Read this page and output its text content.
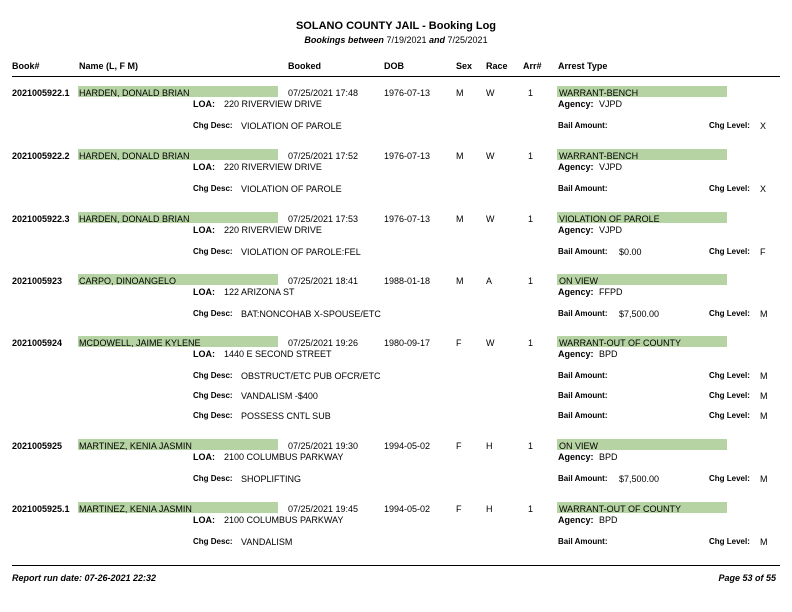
SOLANO COUNTY JAIL - Booking Log
Bookings between 7/19/2021 and 7/25/2021
Book#	Name (L, F M)	Booked	DOB	Sex Race Arr# Arrest Type
2021005922.1 HARDEN, DONALD BRIAN	07/25/2021 17:48	1976-07-13	M	W	1	WARRANT-BENCH
LOA: 220 RIVERVIEW DRIVE	Agency: VJPD
Chg Desc: VIOLATION OF PAROLE	Bail Amount:	Chg Level: X
2021005922.2 HARDEN, DONALD BRIAN	07/25/2021 17:52	1976-07-13	M	W	1	WARRANT-BENCH
LOA: 220 RIVERVIEW DRIVE	Agency: VJPD
Chg Desc: VIOLATION OF PAROLE	Bail Amount:	Chg Level: X
2021005922.3 HARDEN, DONALD BRIAN	07/25/2021 17:53	1976-07-13	M	W	1	VIOLATION OF PAROLE
LOA: 220 RIVERVIEW DRIVE	Agency: VJPD
Chg Desc: VIOLATION OF PAROLE:FEL	Bail Amount: $0.00	Chg Level: F
2021005923 CARPO, DINOANGELO	07/25/2021 18:41	1988-01-18	M	A	1	ON VIEW
LOA: 122 ARIZONA ST	Agency: FFPD
Chg Desc: BAT:NONCOHAB X-SPOUSE/ETC	Bail Amount: $7,500.00	Chg Level: M
2021005924 MCDOWELL, JAIME KYLENE	07/25/2021 19:26	1980-09-17	F	W	1	WARRANT-OUT OF COUNTY
LOA: 1440 E SECOND STREET	Agency: BPD
Chg Desc: OBSTRUCT/ETC PUB OFCR/ETC	Bail Amount:	Chg Level: M
Chg Desc: VANDALISM -$400	Bail Amount:	Chg Level: M
Chg Desc: POSSESS CNTL SUB	Bail Amount:	Chg Level: M
2021005925 MARTINEZ, KENIA JASMIN	07/25/2021 19:30	1994-05-02	F	H	1	ON VIEW
LOA: 2100 COLUMBUS PARKWAY	Agency: BPD
Chg Desc: SHOPLIFTING	Bail Amount: $7,500.00	Chg Level: M
2021005925.1 MARTINEZ, KENIA JASMIN	07/25/2021 19:45	1994-05-02	F	H	1	WARRANT-OUT OF COUNTY
LOA: 2100 COLUMBUS PARKWAY	Agency: BPD
Chg Desc: VANDALISM	Bail Amount:	Chg Level: M
Report run date: 07-26-2021 22:32	Page 53 of 55
